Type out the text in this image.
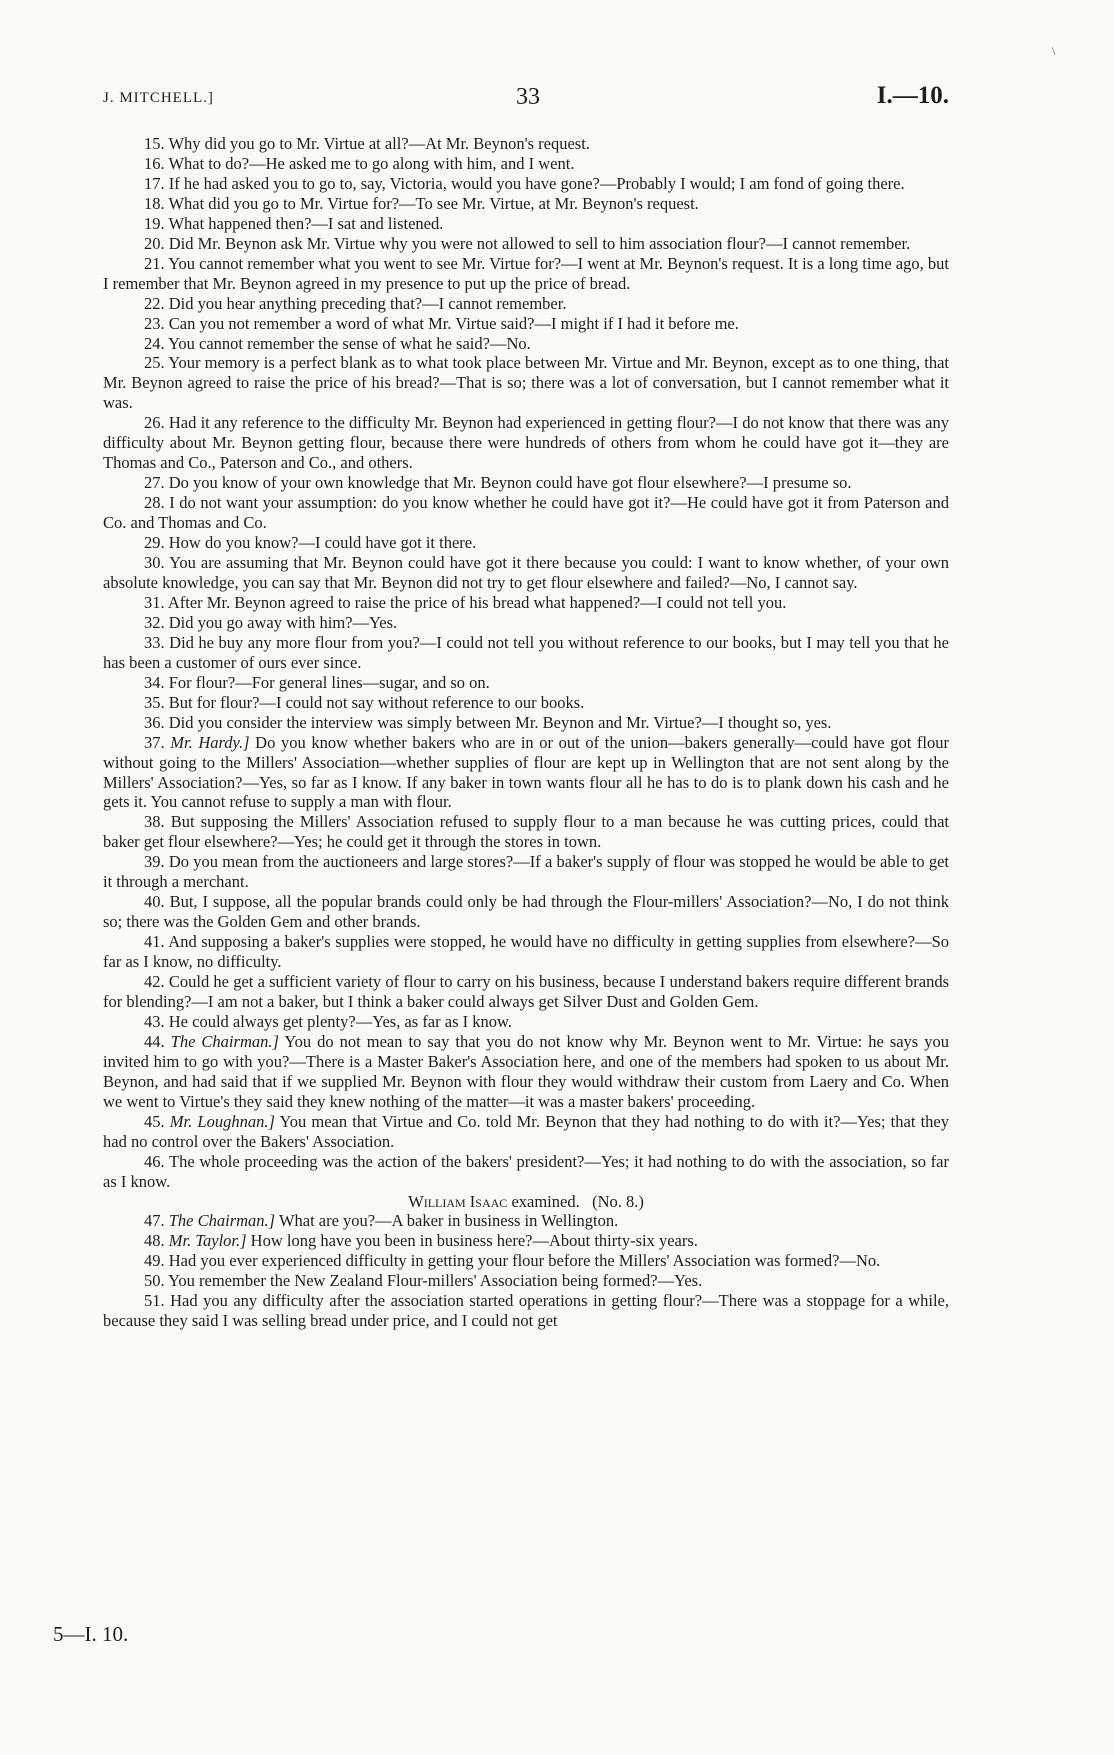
\
J. MITCHELL.]	33	I.—10.

15. Why did you go to Mr. Virtue at all?—At Mr. Beynon's request.

16. What to do?—He asked me to go along with him, and I went.

17. If he had asked you to go to, say, Victoria, would you have gone?—Probably I would; I am fond of going there.

18. What did you go to Mr. Virtue for?—To see Mr. Virtue, at Mr. Beynon's request.

19. What happened then?—I sat and listened.

20. Did Mr. Beynon ask Mr. Virtue why you were not allowed to sell to him association flour?—I cannot remember.

21. You cannot remember what you went to see Mr. Virtue for?—I went at Mr. Beynon's request. It is a long time ago, but I remember that Mr. Beynon agreed in my presence to put up the price of bread.

22. Did you hear anything preceding that?—I cannot remember.

23. Can you not remember a word of what Mr. Virtue said?—I might if I had it before me.

24. You cannot remember the sense of what he said?—No.

25. Your memory is a perfect blank as to what took place between Mr. Virtue and Mr. Beynon, except as to one thing, that Mr. Beynon agreed to raise the price of his bread?—That is so; there was a lot of conversation, but I cannot remember what it was.

26. Had it any reference to the difficulty Mr. Beynon had experienced in getting flour?—I do not know that there was any difficulty about Mr. Beynon getting flour, because there were hundreds of others from whom he could have got it—they are Thomas and Co., Paterson and Co., and others.

27. Do you know of your own knowledge that Mr. Beynon could have got flour elsewhere?—I presume so.

28. I do not want your assumption: do you know whether he could have got it?—He could have got it from Paterson and Co. and Thomas and Co.

29. How do you know?—I could have got it there.

30. You are assuming that Mr. Beynon could have got it there because you could: I want to know whether, of your own absolute knowledge, you can say that Mr. Beynon did not try to get flour elsewhere and failed?—No, I cannot say.

31. After Mr. Beynon agreed to raise the price of his bread what happened?—I could not tell you.

32. Did you go away with him?—Yes.

33. Did he buy any more flour from you?—I could not tell you without reference to our books, but I may tell you that he has been a customer of ours ever since.

34. For flour?—For general lines—sugar, and so on.

35. But for flour?—I could not say without reference to our books.

36. Did you consider the interview was simply between Mr. Beynon and Mr. Virtue?—I thought so, yes.

37. Mr. Hardy.] Do you know whether bakers who are in or out of the union—bakers generally—could have got flour without going to the Millers' Association—whether supplies of flour are kept up in Wellington that are not sent along by the Millers' Association?—Yes, so far as I know. If any baker in town wants flour all he has to do is to plank down his cash and he gets it. You cannot refuse to supply a man with flour.

38. But supposing the Millers' Association refused to supply flour to a man because he was cutting prices, could that baker get flour elsewhere?—Yes; he could get it through the stores in town.

39. Do you mean from the auctioneers and large stores?—If a baker's supply of flour was stopped he would be able to get it through a merchant.

40. But, I suppose, all the popular brands could only be had through the Flour-millers' Association?—No, I do not think so; there was the Golden Gem and other brands.

41. And supposing a baker's supplies were stopped, he would have no difficulty in getting supplies from elsewhere?—So far as I know, no difficulty.

42. Could he get a sufficient variety of flour to carry on his business, because I understand bakers require different brands for blending?—I am not a baker, but I think a baker could always get Silver Dust and Golden Gem.

43. He could always get plenty?—Yes, as far as I know.

44. The Chairman.] You do not mean to say that you do not know why Mr. Beynon went to Mr. Virtue: he says you invited him to go with you?—There is a Master Baker's Association here, and one of the members had spoken to us about Mr. Beynon, and had said that if we supplied Mr. Beynon with flour they would withdraw their custom from Laery and Co. When we went to Virtue's they said they knew nothing of the matter—it was a master bakers' proceeding.

45. Mr. Loughnan.] You mean that Virtue and Co. told Mr. Beynon that they had nothing to do with it?—Yes; that they had no control over the Bakers' Association.

46. The whole proceeding was the action of the bakers' president?—Yes; it had nothing to do with the association, so far as I know.

William Isaac examined. (No. 8.)

47. The Chairman.] What are you?—A baker in business in Wellington.

48. Mr. Taylor.] How long have you been in business here?—About thirty-six years.

49. Had you ever experienced difficulty in getting your flour before the Millers' Association was formed?—No.

50. You remember the New Zealand Flour-millers' Association being formed?—Yes.

51. Had you any difficulty after the association started operations in getting flour?—There was a stoppage for a while, because they said I was selling bread under price, and I could not get

5—I. 10.
